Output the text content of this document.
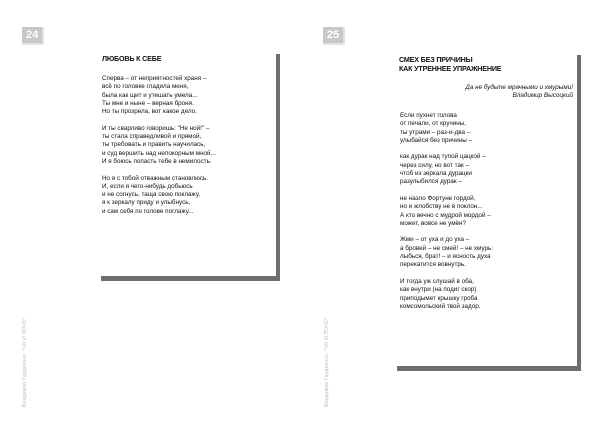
24
Владимир Гордиенко. "ЧО И ПОЧО"
ЛЮБОВЬ К СЕБЕ
Сперва – от неприятностей храня –
всё по головке гладила меня,
была как щит и утешать умела...
Ты мне и ныне – верная броня.
Но ты прозрела, вот какое дело.
И ты сварливо говоришь: "Не ной!" –
ты стала справедливой и прямой,
ты требовать и править научилась,
и суд вершить над непокорным мной...
И я боюсь попасть тебе в немилость.
Но я с тобой отважным становлюсь.
И, если я чего-нибудь добьюсь
и не согнусь, таща свою поклажу,
я к зеркалу приду и улыбнусь,
и сам себя по голове поглажу...
25
Владимир Гордиенко. "ЧО И ПОЧО"
СМЕХ БЕЗ ПРИЧИНЫ
КАК УТРЕННЕЕ УПРАЖНЕНИЕ
Да не будьте мрачными и хмурыми!
Владимир Высоцкий
Если пухнет голова
от печали, от кручины,
ты утрами – раз-и-два –
улыбайся без причины –
как дурак над тупой цацкой –
через силу, но вот так –
чтоб из зеркала дурацки
разулыбился дурак –
не назло Фортуне гордой,
но и жлобству не в поклон...
А кто вечно с мудрой мордой –
может, вовсе не умён?
Жми – от уха и до уха –
а бровей – не смей! – не хмурь:
лыбься, брат! – и ясность духа
перекатится вовнутрь.
И тогда уж слушай в оба,
как внутри (на подиг скор)
приподымет крышку гроба
комсомольский твой задор.
